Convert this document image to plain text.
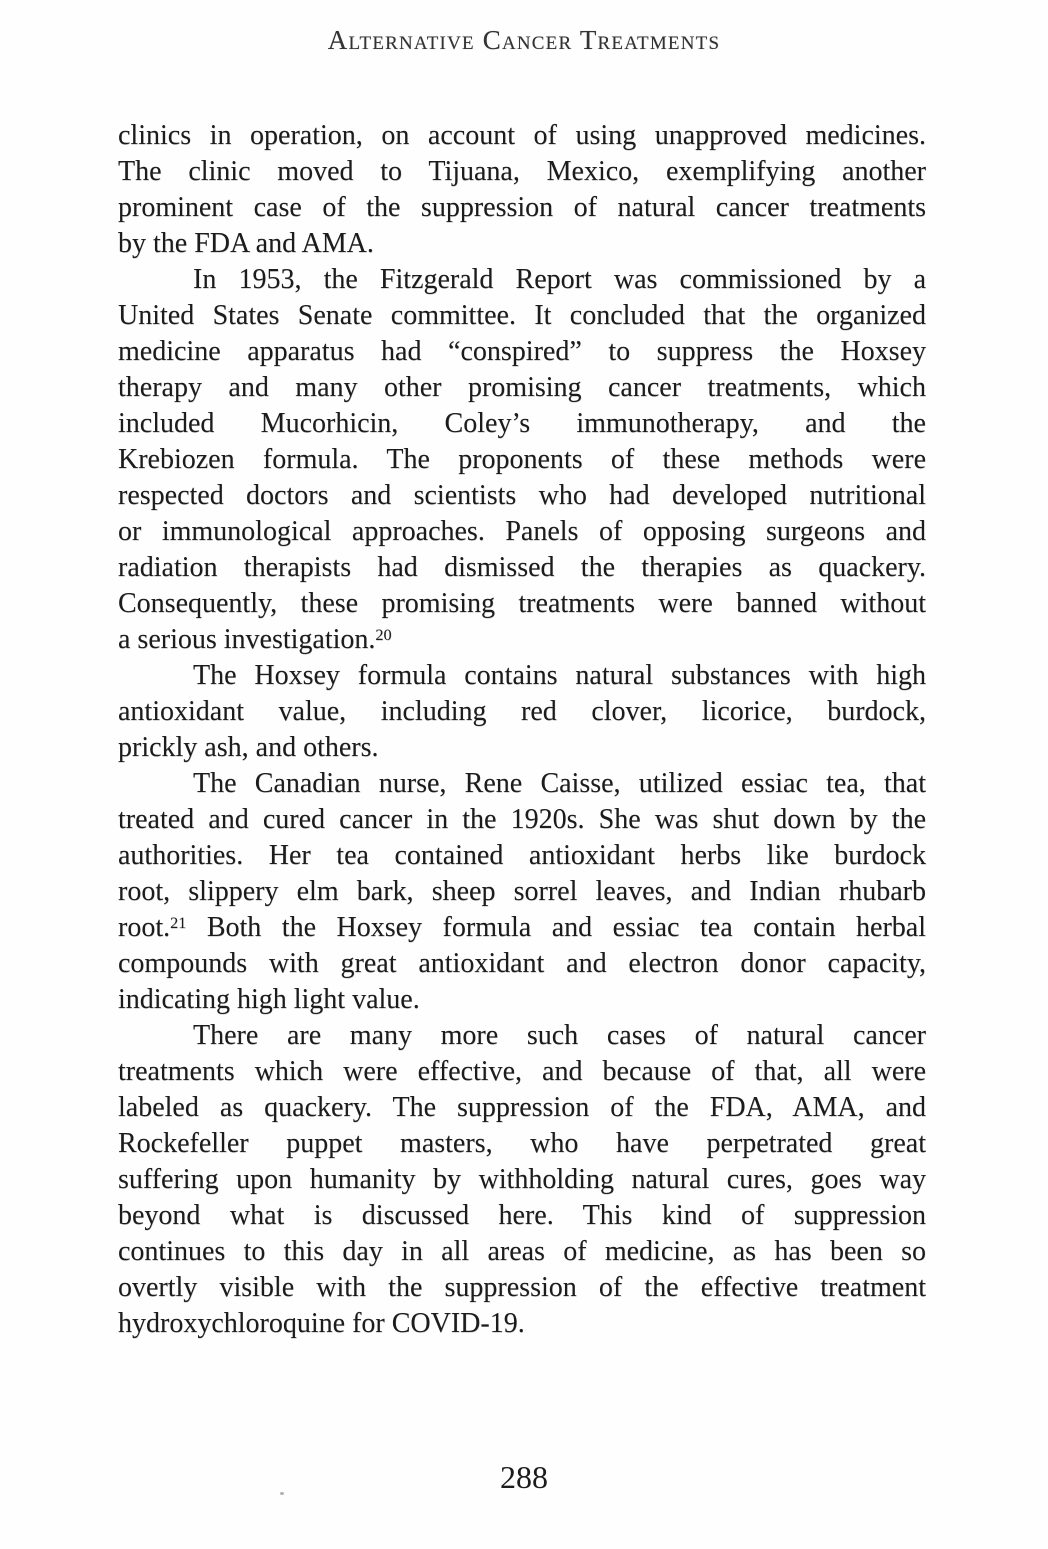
Alternative Cancer Treatments
clinics in operation, on account of using unapproved medicines.
The clinic moved to Tijuana, Mexico, exemplifying another
prominent case of the suppression of natural cancer treatments
by the FDA and AMA.
In 1953, the Fitzgerald Report was commissioned by a
United States Senate committee. It concluded that the organized
medicine apparatus had “conspired” to suppress the Hoxsey
therapy and many other promising cancer treatments, which
included Mucorhicin, Coley’s immunotherapy, and the
Krebiozen formula. The proponents of these methods were
respected doctors and scientists who had developed nutritional
or immunological approaches. Panels of opposing surgeons and
radiation therapists had dismissed the therapies as quackery.
Consequently, these promising treatments were banned without
a serious investigation.$^{20}$
The Hoxsey formula contains natural substances with high
antioxidant value, including red clover, licorice, burdock,
prickly ash, and others.
The Canadian nurse, Rene Caisse, utilized essiac tea, that
treated and cured cancer in the 1920s. She was shut down by the
authorities. Her tea contained antioxidant herbs like burdock
root, slippery elm bark, sheep sorrel leaves, and Indian rhubarb
root.$^{21}$ Both the Hoxsey formula and essiac tea contain herbal
compounds with great antioxidant and electron donor capacity,
indicating high light value.
There are many more such cases of natural cancer
treatments which were effective, and because of that, all were
labeled as quackery. The suppression of the FDA, AMA, and
Rockefeller puppet masters, who have perpetrated great
suffering upon humanity by withholding natural cures, goes way
beyond what is discussed here. This kind of suppression
continues to this day in all areas of medicine, as has been so
overtly visible with the suppression of the effective treatment
hydroxychloroquine for COVID-19.
288
